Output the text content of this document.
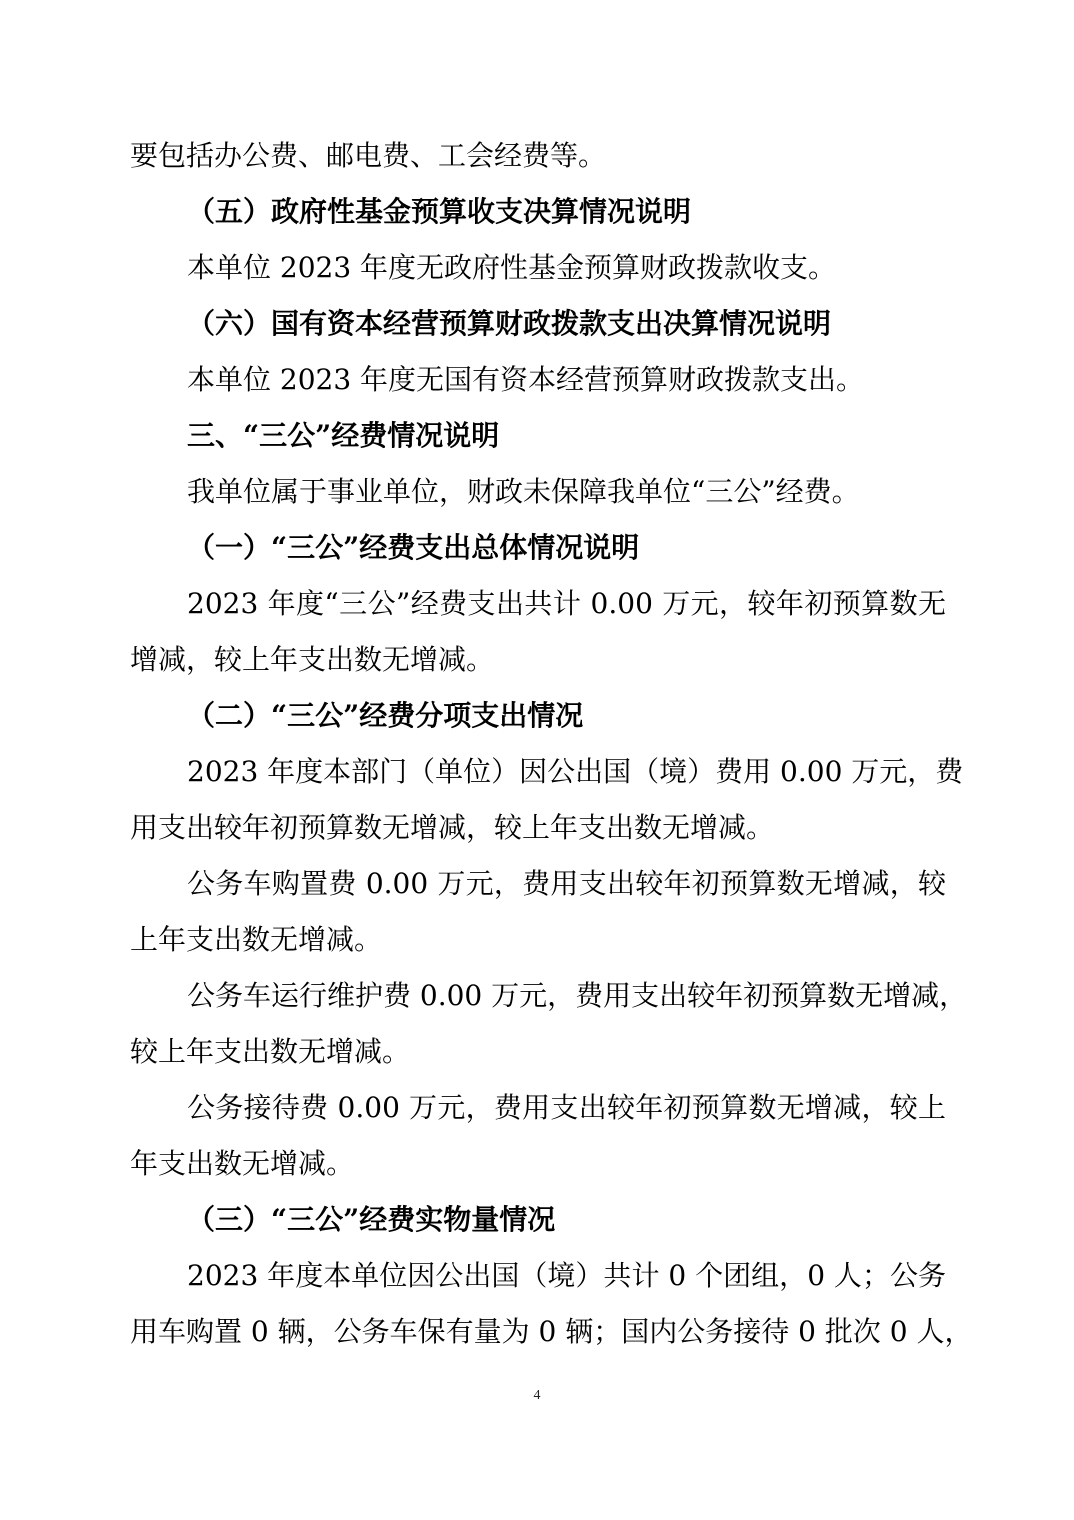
要包括办公费、邮电费、工会经费等。
（五）政府性基金预算收支决算情况说明
本单位 2023 年度无政府性基金预算财政拨款收支。
（六）国有资本经营预算财政拨款支出决算情况说明
本单位 2023 年度无国有资本经营预算财政拨款支出。
三、“三公”经费情况说明
我单位属于事业单位，财政未保障我单位“三公”经费。
（一）“三公”经费支出总体情况说明
2023 年度“三公”经费支出共计 0.00 万元，较年初预算数无
增减，较上年支出数无增减。
（二）“三公”经费分项支出情况
2023 年度本部门（单位）因公出国（境）费用 0.00 万元，费
用支出较年初预算数无增减，较上年支出数无增减。
公务车购置费 0.00 万元，费用支出较年初预算数无增减，较
上年支出数无增减。
公务车运行维护费 0.00 万元，费用支出较年初预算数无增减，
较上年支出数无增减。
公务接待费 0.00 万元，费用支出较年初预算数无增减，较上
年支出数无增减。
（三）“三公”经费实物量情况
2023 年度本单位因公出国（境）共计 0 个团组，0 人；公务
用车购置 0 辆，公务车保有量为 0 辆；国内公务接待 0 批次 0 人，
4
